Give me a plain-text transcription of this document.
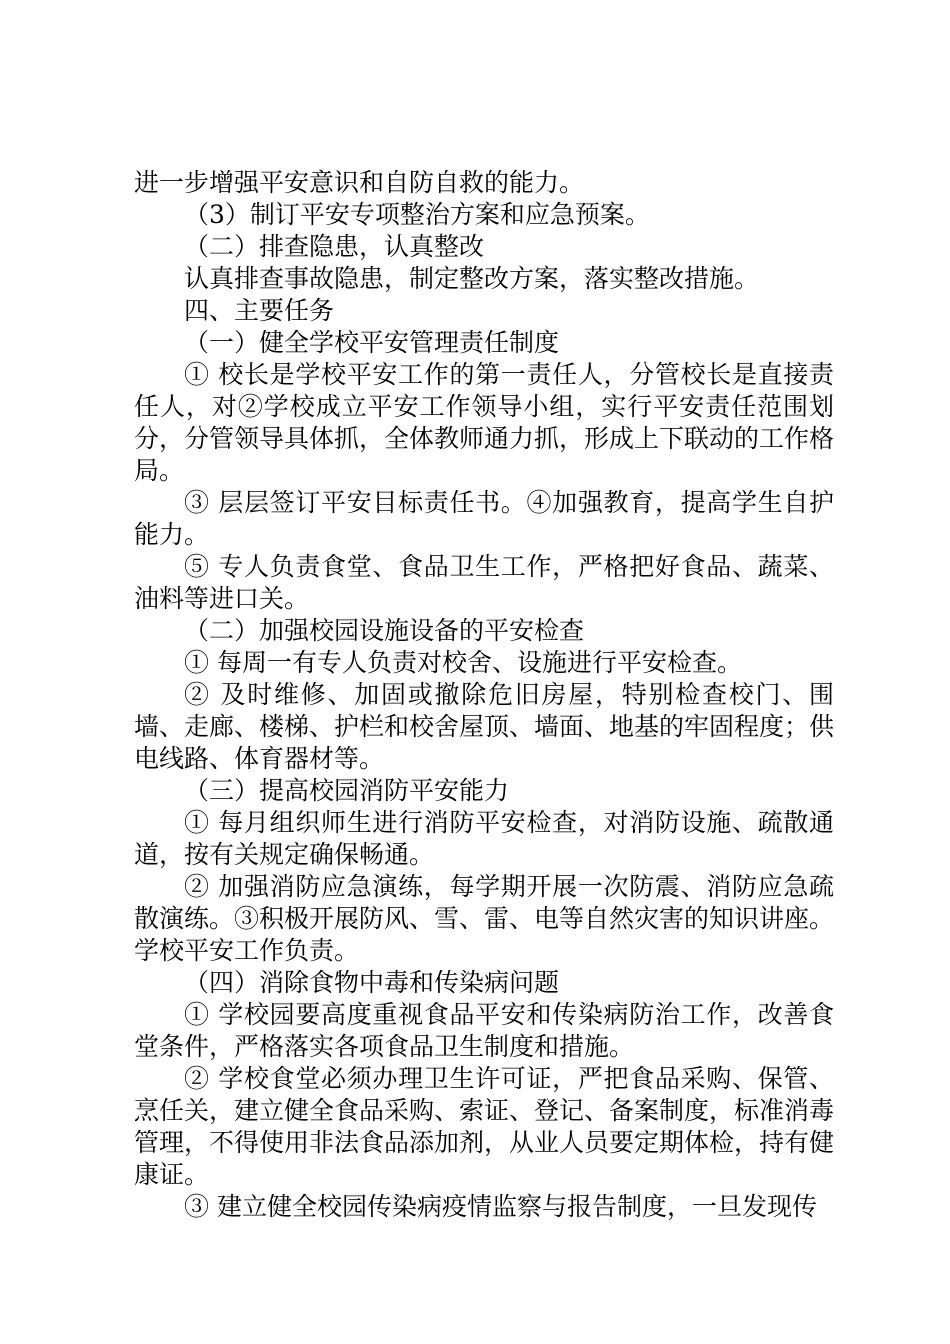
进一步增强平安意识和自防自救的能力。

（3）制订平安专项整治方案和应急预案。

（二）排查隐患，认真整改

认真排查事故隐患，制定整改方案，落实整改措施。

四、主要任务

（一）健全学校平安管理责任制度

① 校长是学校平安工作的第一责任人，分管校长是直接责任人，对②学校成立平安工作领导小组，实行平安责任范围划分，分管领导具体抓，全体教师通力抓，形成上下联动的工作格局。

③ 层层签订平安目标责任书。④加强教育，提高学生自护能力。

⑤ 专人负责食堂、食品卫生工作，严格把好食品、蔬菜、油料等进口关。

（二）加强校园设施设备的平安检查

① 每周一有专人负责对校舍、设施进行平安检查。

② 及时维修、加固或撤除危旧房屋，特别检查校门、围墙、走廊、楼梯、护栏和校舍屋顶、墙面、地基的牢固程度；供电线路、体育器材等。

（三）提高校园消防平安能力

① 每月组织师生进行消防平安检查，对消防设施、疏散通道，按有关规定确保畅通。

② 加强消防应急演练，每学期开展一次防震、消防应急疏散演练。③积极开展防风、雪、雷、电等自然灾害的知识讲座。学校平安工作负责。

（四）消除食物中毒和传染病问题

① 学校园要高度重视食品平安和传染病防治工作，改善食堂条件，严格落实各项食品卫生制度和措施。

② 学校食堂必须办理卫生许可证，严把食品采购、保管、烹任关，建立健全食品采购、索证、登记、备案制度，标准消毒管理，不得使用非法食品添加剂，从业人员要定期体检，持有健康证。

③ 建立健全校园传染病疫情监察与报告制度，一旦发现传
